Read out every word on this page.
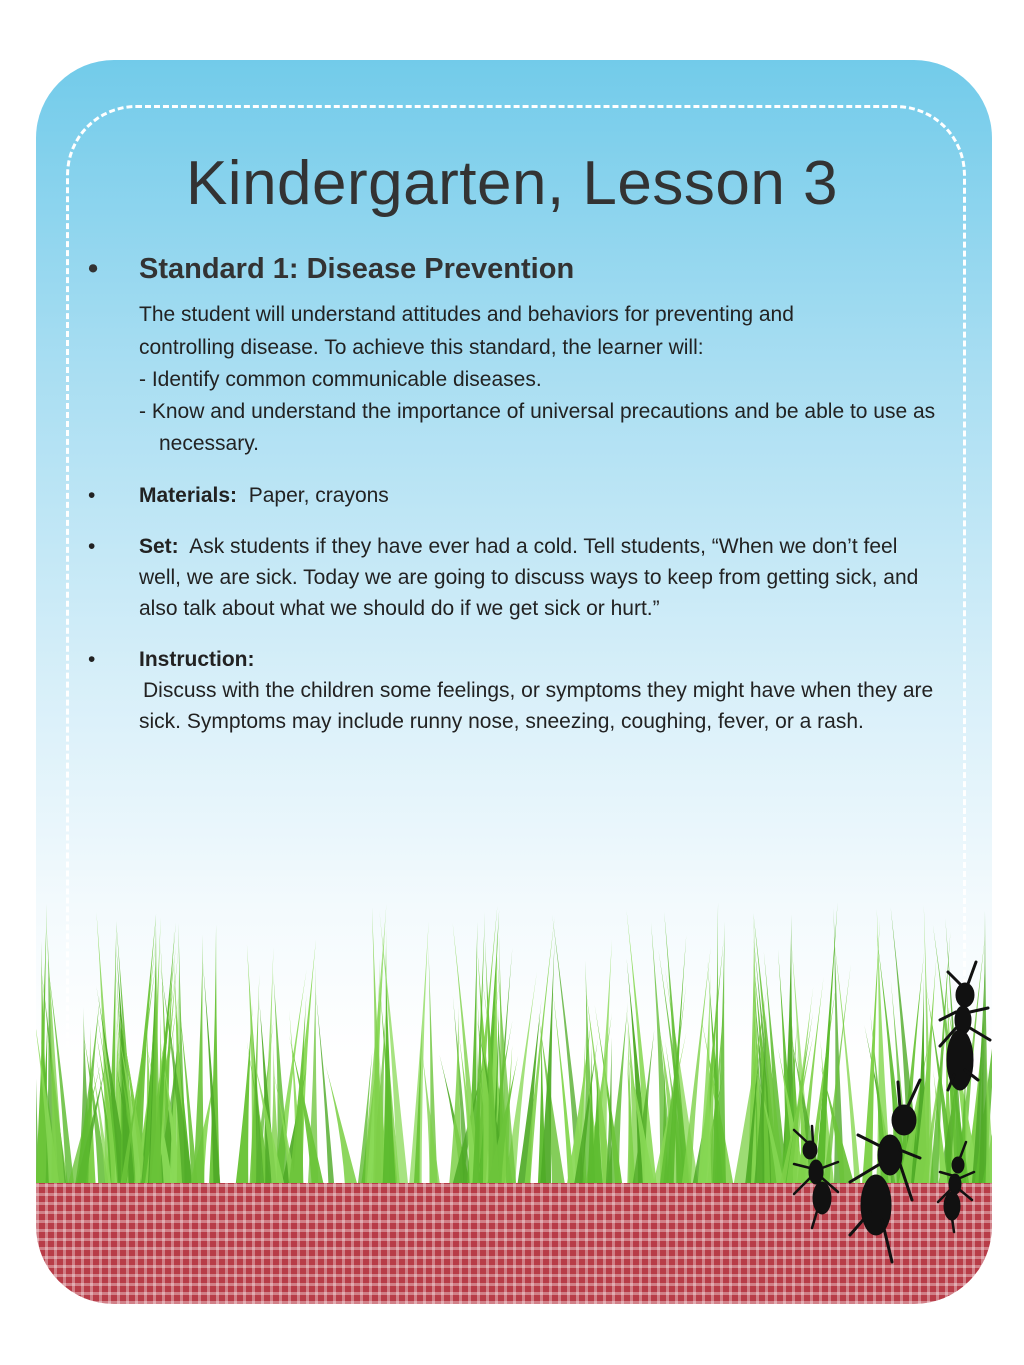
Kindergarten, Lesson 3
• Standard 1: Disease Prevention
The student will understand attitudes and behaviors for preventing and
controlling disease. To achieve this standard, the learner will:
- Identify common communicable diseases.
- Know and understand the importance of universal precautions and be able to use as necessary.
• Materials: Paper, crayons
• Set: Ask students if they have ever had a cold. Tell students, “When we don’t feel well, we are sick. Today we are going to discuss ways to keep from getting sick, and also talk about what we should do if we get sick or hurt.”
• Instruction:
Discuss with the children some feelings, or symptoms they might have when they are sick. Symptoms may include runny nose, sneezing, coughing, fever, or a rash.
